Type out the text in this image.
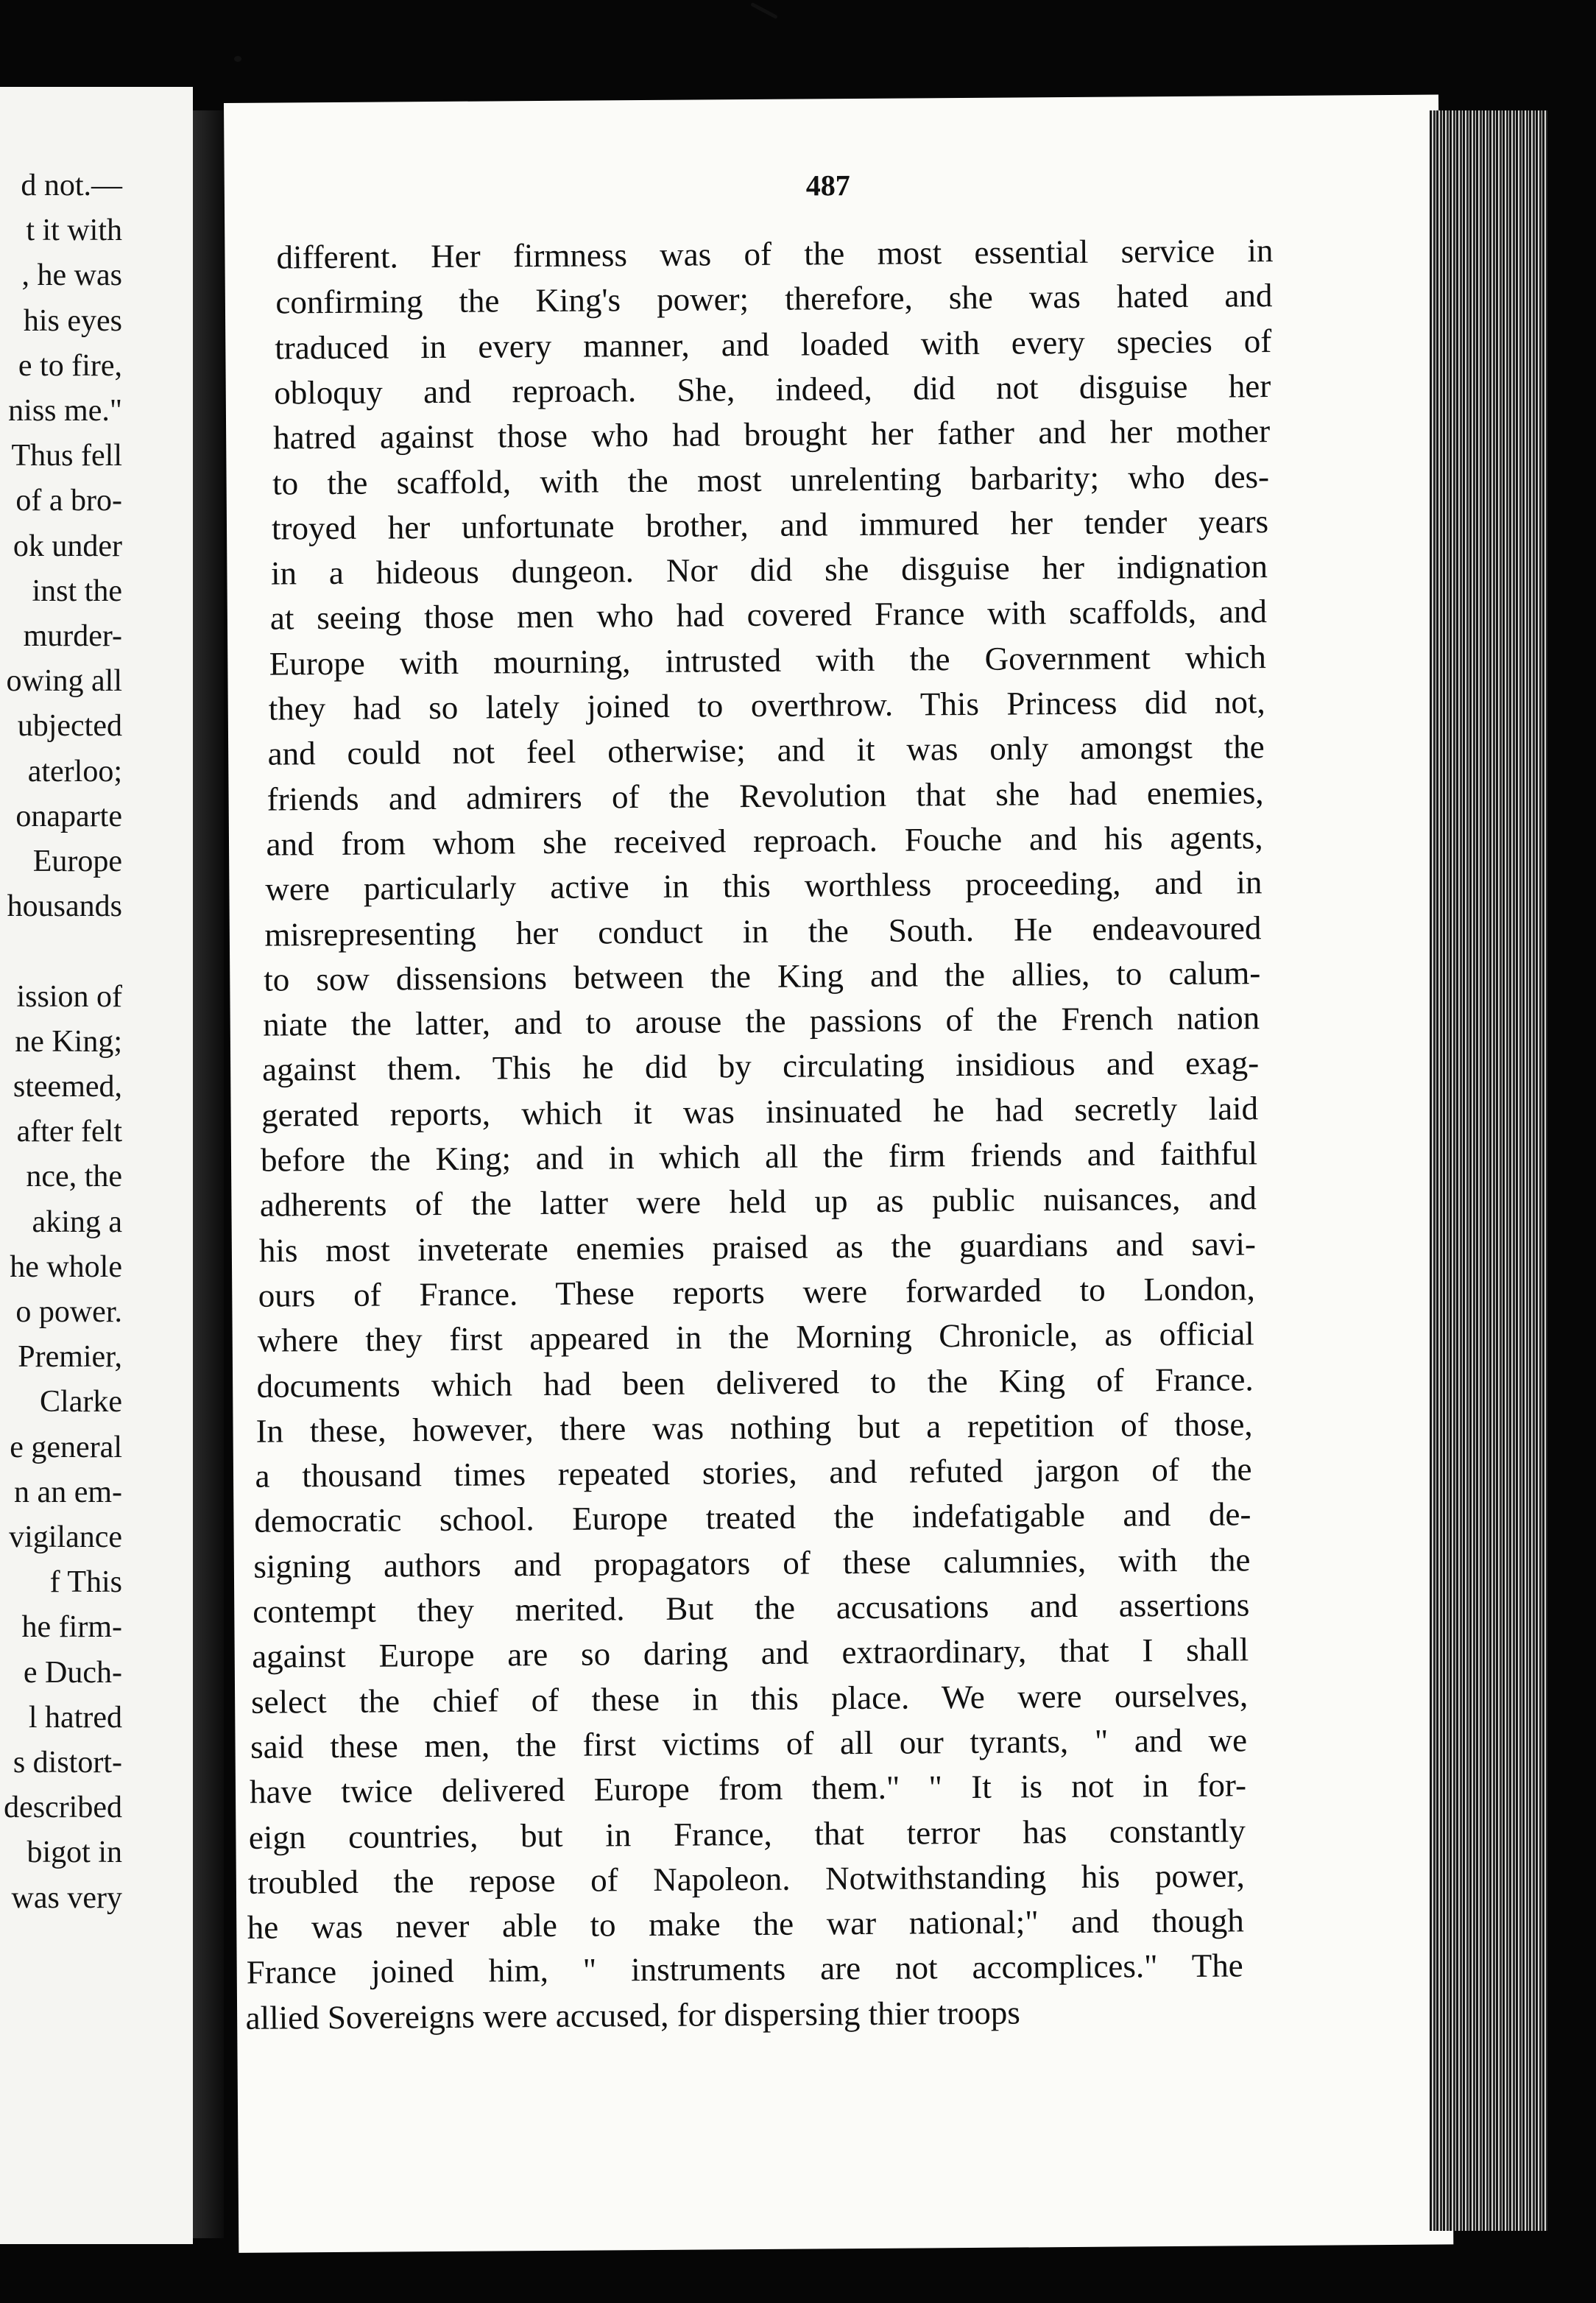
d not.—
t it with
, he was
his eyes
e to fire,
niss me."
Thus fell
of a bro-
ok under
inst the
murder-
owing all
ubjected
aterloo;
onaparte
Europe
housands
ission of
ne King;
steemed,
after felt
nce, the
aking a
he whole
o power.
Premier,
Clarke
e general
n an em-
vigilance
f This
he firm-
e Duch-
l hatred
s distort-
described
bigot in
was very
487
different. Her firmness was of the most essential service in
confirming the King's power; therefore, she was hated and
traduced in every manner, and loaded with every species of
obloquy and reproach. She, indeed, did not disguise her
hatred against those who had brought her father and her mother
to the scaffold, with the most unrelenting barbarity; who des-
troyed her unfortunate brother, and immured her tender years
in a hideous dungeon. Nor did she disguise her indignation
at seeing those men who had covered France with scaffolds, and
Europe with mourning, intrusted with the Government which
they had so lately joined to overthrow. This Princess did not,
and could not feel otherwise; and it was only amongst the
friends and admirers of the Revolution that she had enemies,
and from whom she received reproach. Fouche and his agents,
were particularly active in this worthless proceeding, and in
misrepresenting her conduct in the South. He endeavoured
to sow dissensions between the King and the allies, to calum-
niate the latter, and to arouse the passions of the French nation
against them. This he did by circulating insidious and exag-
gerated reports, which it was insinuated he had secretly laid
before the King; and in which all the firm friends and faithful
adherents of the latter were held up as public nuisances, and
his most inveterate enemies praised as the guardians and savi-
ours of France. These reports were forwarded to London,
where they first appeared in the Morning Chronicle, as official
documents which had been delivered to the King of France.
In these, however, there was nothing but a repetition of those,
a thousand times repeated stories, and refuted jargon of the
democratic school. Europe treated the indefatigable and de-
signing authors and propagators of these calumnies, with the
contempt they merited. But the accusations and assertions
against Europe are so daring and extraordinary, that I shall
select the chief of these in this place. We were ourselves,
said these men, the first victims of all our tyrants, " and we
have twice delivered Europe from them." " It is not in for-
eign countries, but in France, that terror has constantly
troubled the repose of Napoleon. Notwithstanding his power,
he was never able to make the war national;" and though
France joined him, " instruments are not accomplices." The
allied Sovereigns were accused, for dispersing thier troops
